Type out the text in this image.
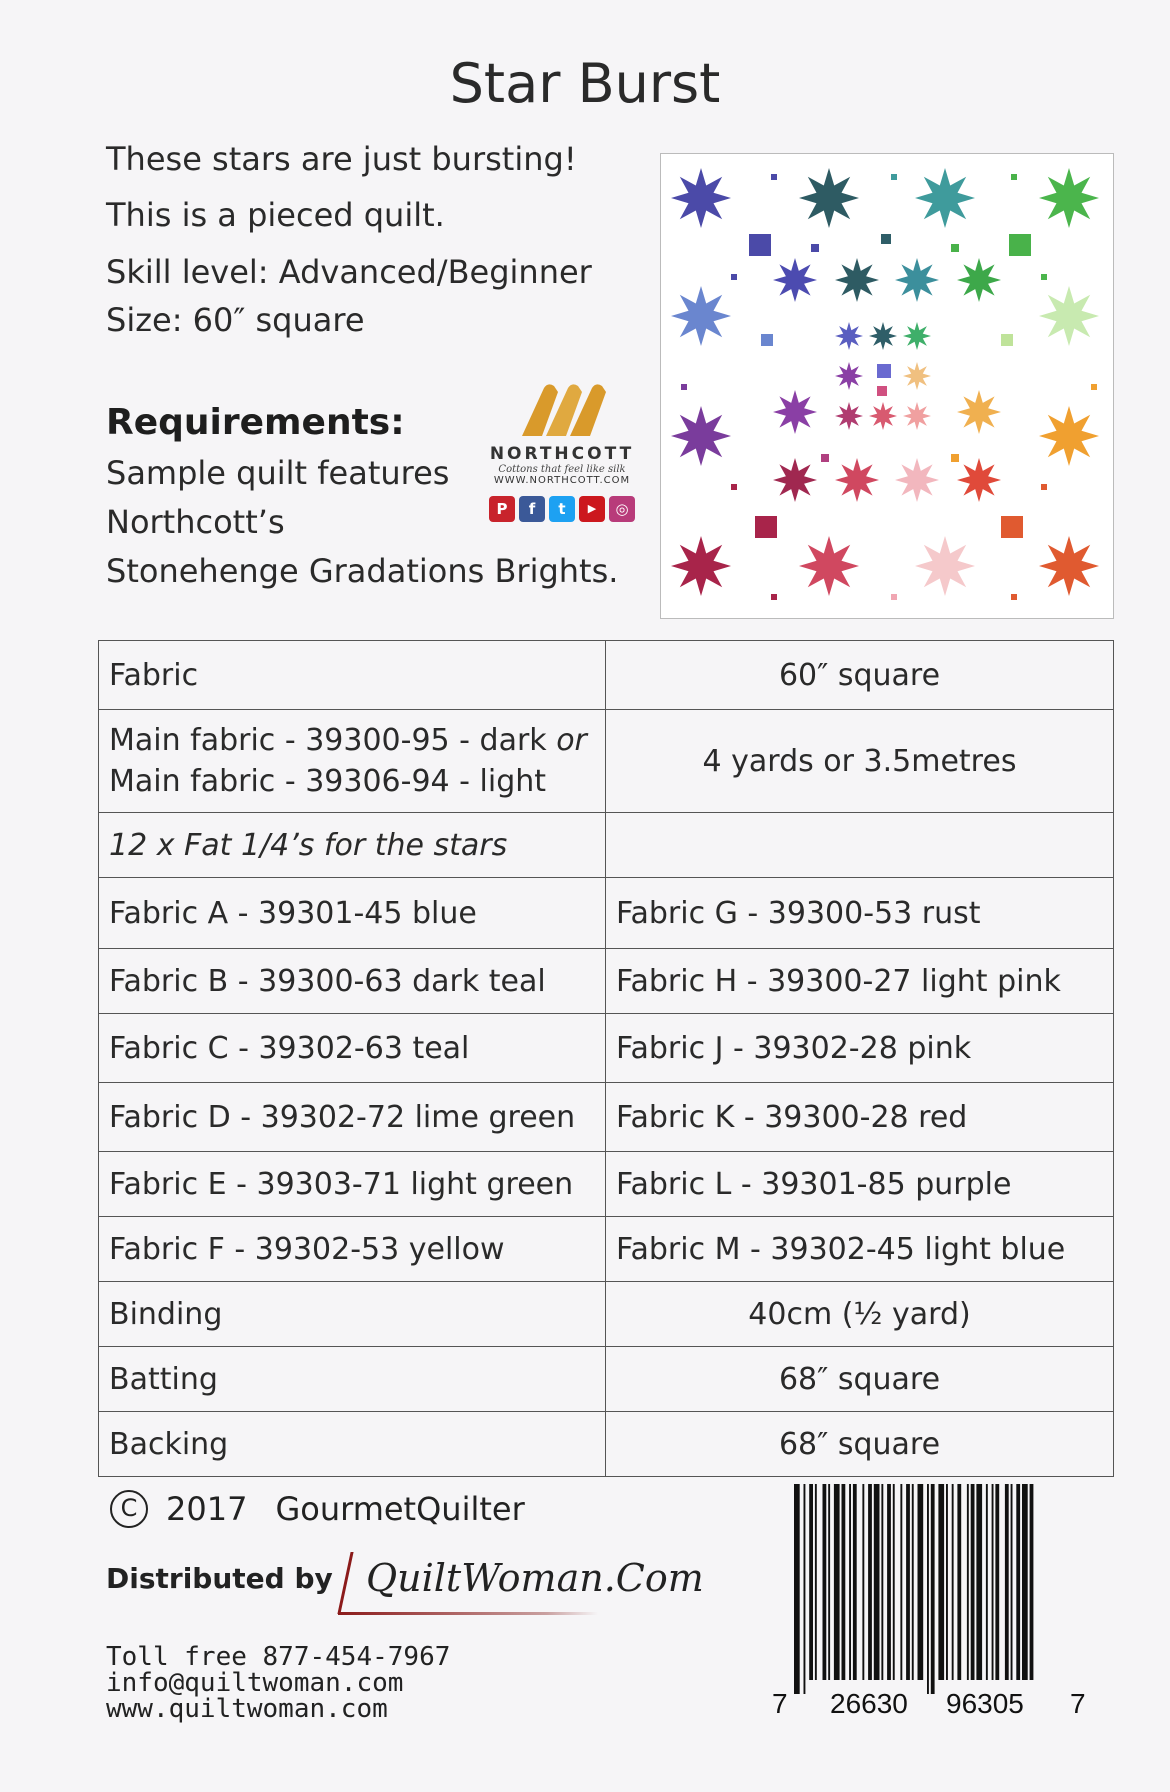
Star Burst
These stars are just bursting!
This is a pieced quilt.
Skill level: Advanced/Beginner
Size: 60″ square
Requirements:
Sample quilt features
Northcott’s
Stonehenge Gradations Brights.
NORTHCOTT
Cottons that feel like silk
WWW.NORTHCOTT.COM
P	f	t	▶	◎
Fabric	60″ square

Main fabric - 39300-95 - dark or
Main fabric - 39306-94 - light	4 yards or 3.5metres
12 x Fat 1/4’s for the stars	
Fabric A - 39301-45 blue	Fabric G - 39300-53 rust
Fabric B - 39300-63 dark teal	Fabric H - 39300-27 light pink
Fabric C - 39302-63 teal	Fabric J - 39302-28 pink
Fabric D - 39302-72 lime green	Fabric K - 39300-28 red
Fabric E - 39303-71 light green	Fabric L - 39301-85 purple
Fabric F - 39302-53 yellow	Fabric M - 39302-45 light blue
Binding	40cm (½ yard)
Batting	68″ square
Backing	68″ square
C 2017 GourmetQuilter
Distributed by QuiltWoman.Com
Toll free 877-454-7967
info@quiltwoman.com
www.quiltwoman.com	7 26630 96305 7
